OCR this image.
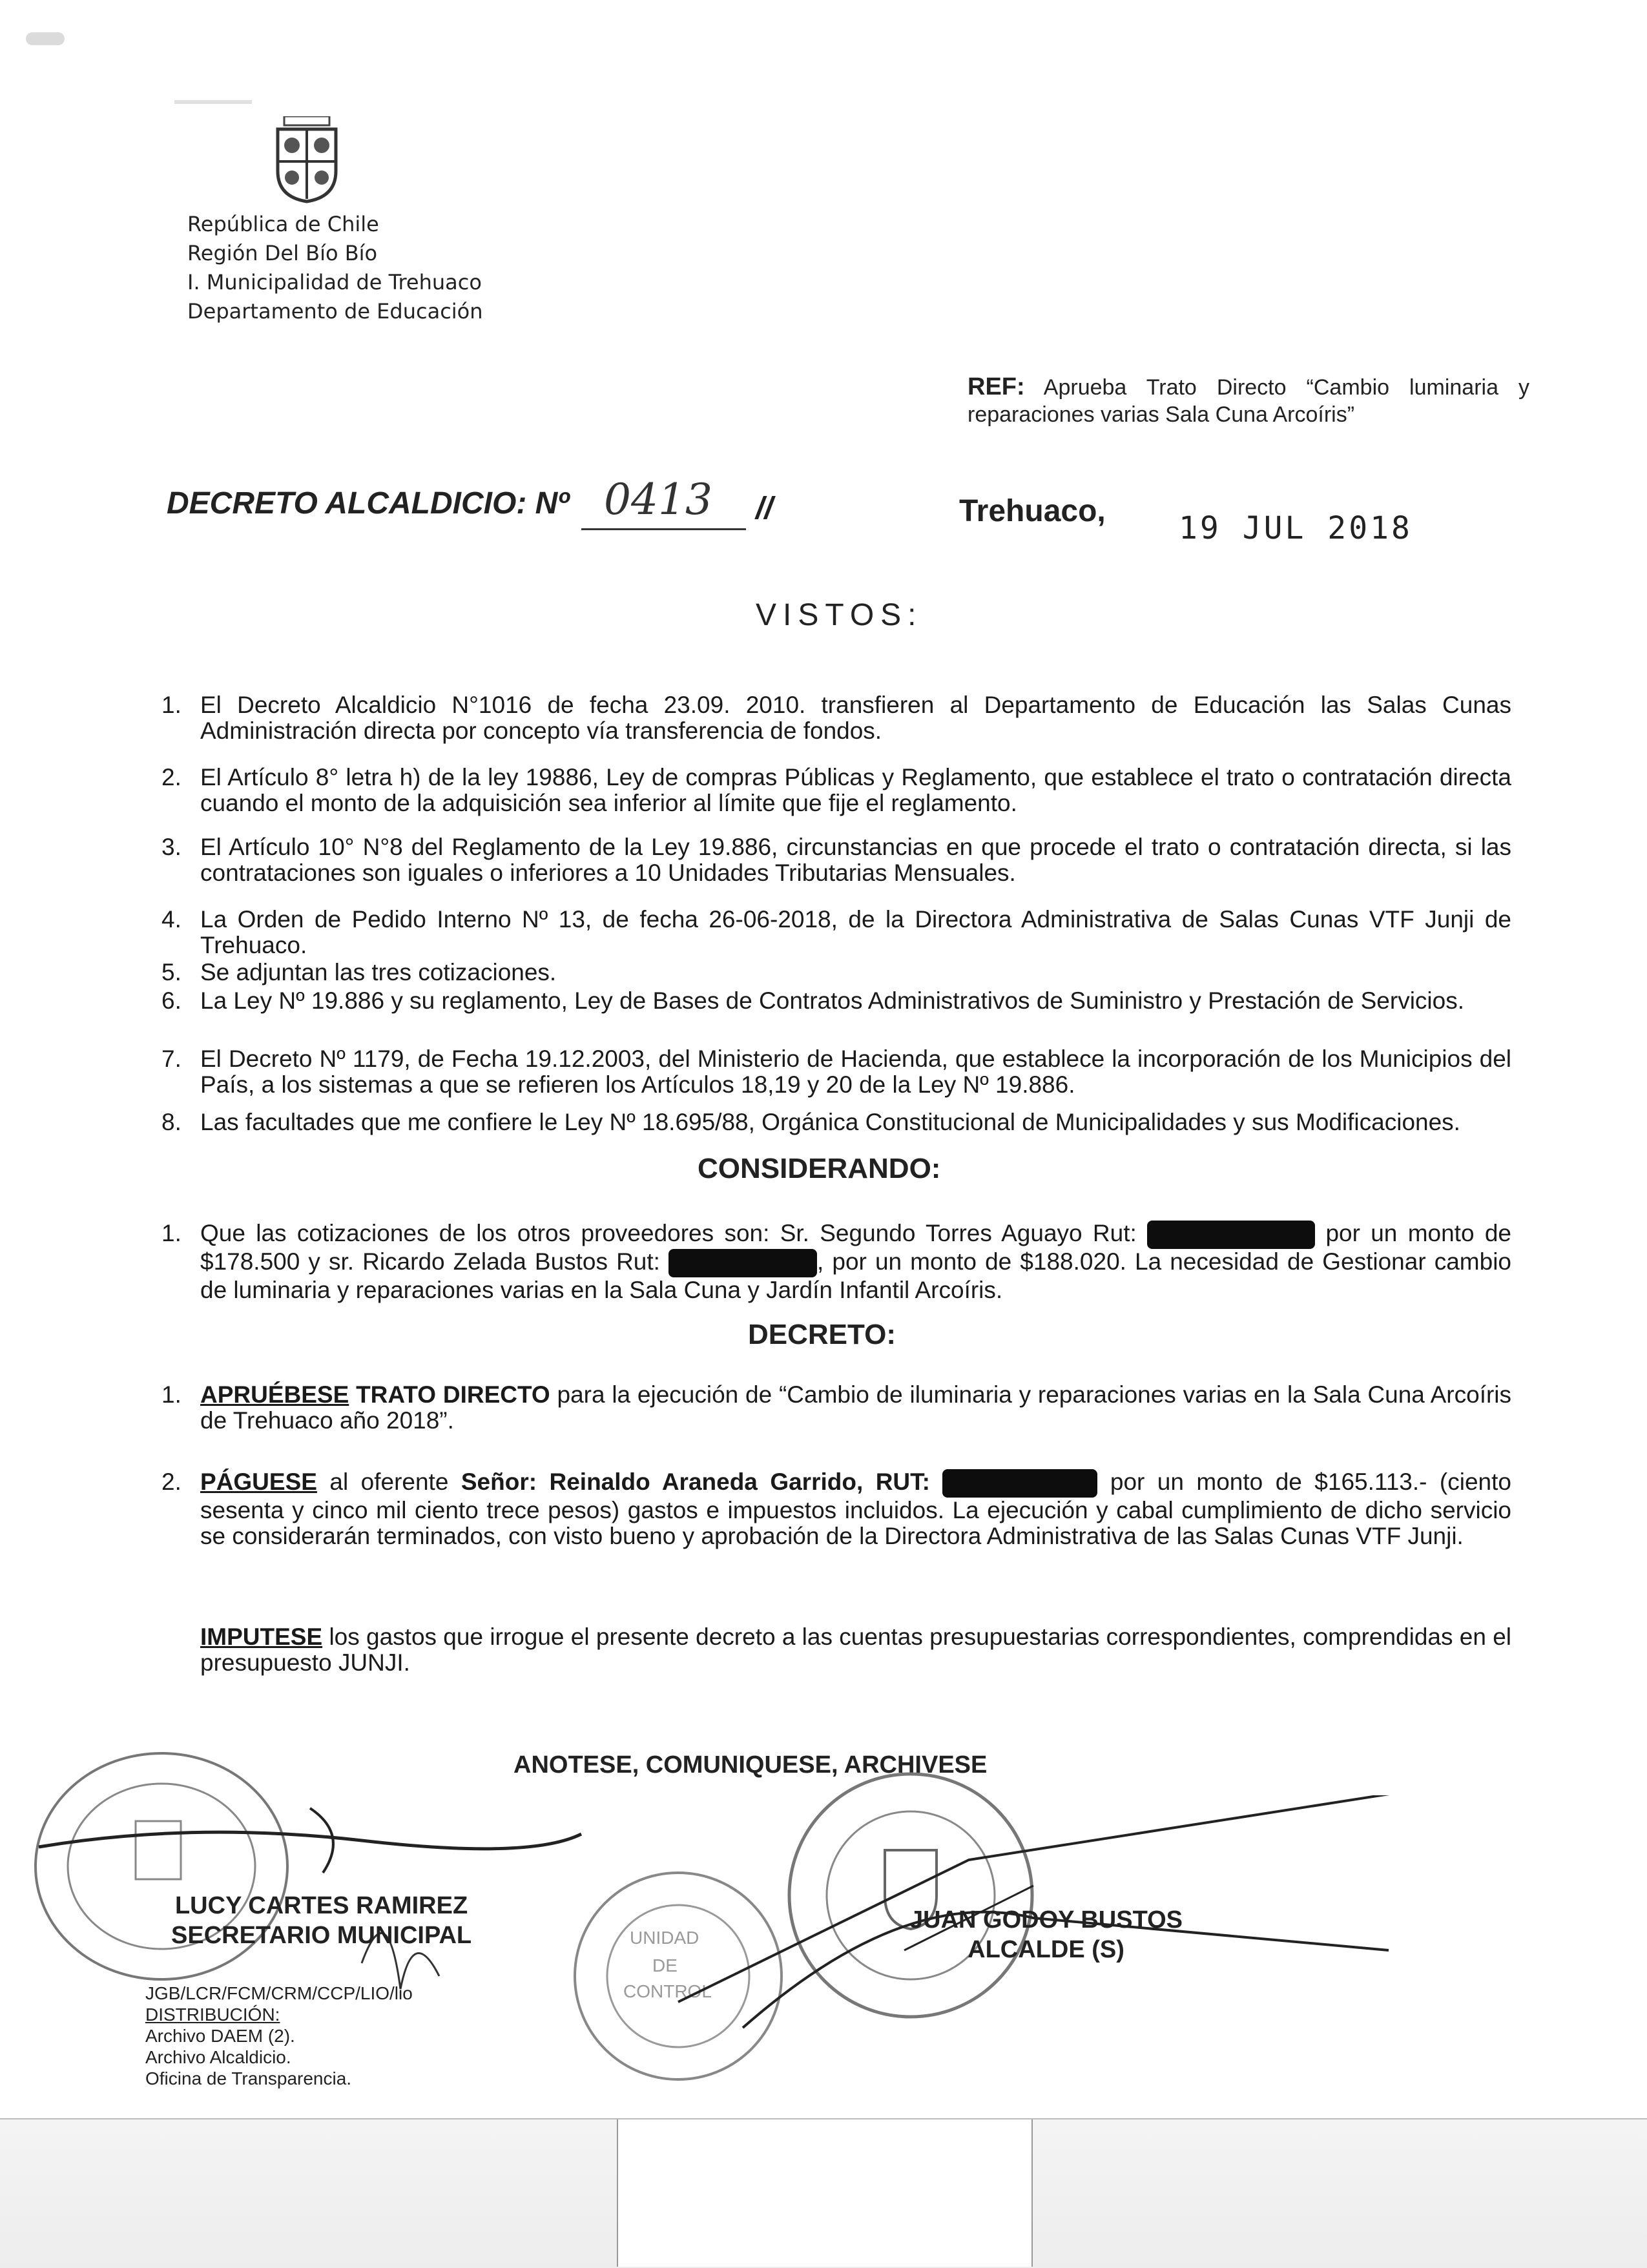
República de Chile
Región Del Bío Bío
I. Municipalidad de Trehuaco
Departamento de Educación
REF: Aprueba Trato Directo “Cambio luminaria y reparaciones varias Sala Cuna Arcoíris”
DECRETO ALCALDICIO: Nº 0413 //	Trehuaco, 19 JUL 2018
VISTOS:
1. El Decreto Alcaldicio N°1016 de fecha 23.09. 2010. transfieren al Departamento de Educación las Salas Cunas Administración directa por concepto vía transferencia de fondos.
2. El Artículo 8° letra h) de la ley 19886, Ley de compras Públicas y Reglamento, que establece el trato o contratación directa cuando el monto de la adquisición sea inferior al límite que fije el reglamento.
3. El Artículo 10° N°8 del Reglamento de la Ley 19.886, circunstancias en que procede el trato o contratación directa, si las contrataciones son iguales o inferiores a 10 Unidades Tributarias Mensuales.
4. La Orden de Pedido Interno Nº 13, de fecha 26-06-2018, de la Directora Administrativa de Salas Cunas VTF Junji de Trehuaco.
5. Se adjuntan las tres cotizaciones.
6. La Ley Nº 19.886 y su reglamento, Ley de Bases de Contratos Administrativos de Suministro y Prestación de Servicios.
7. El Decreto Nº 1179, de Fecha 19.12.2003, del Ministerio de Hacienda, que establece la incorporación de los Municipios del País, a los sistemas a que se refieren los Artículos 18,19 y 20 de la Ley Nº 19.886.
8. Las facultades que me confiere le Ley Nº 18.695/88, Orgánica Constitucional de Municipalidades y sus Modificaciones.
CONSIDERANDO:
1. Que las cotizaciones de los otros proveedores son: Sr. Segundo Torres Aguayo Rut:	por un monto de $178.500 y sr. Ricardo Zelada Bustos Rut:	, por un monto de $188.020. La necesidad de Gestionar cambio de luminaria y reparaciones varias en la Sala Cuna y Jardín Infantil Arcoíris.
DECRETO:
1. APRUÉBESE TRATO DIRECTO para la ejecución de “Cambio de iluminaria y reparaciones varias en la Sala Cuna Arcoíris de Trehuaco año 2018”.
2. PÁGUESE al oferente Señor: Reinaldo Araneda Garrido, RUT:	por un monto de $165.113.- (ciento sesenta y cinco mil ciento trece pesos) gastos e impuestos incluidos. La ejecución y cabal cumplimiento de dicho servicio se considerarán terminados, con visto bueno y aprobación de la Directora Administrativa de las Salas Cunas VTF Junji.
IMPUTESE los gastos que irrogue el presente decreto a las cuentas presupuestarias correspondientes, comprendidas en el presupuesto JUNJI.
ANOTESE, COMUNIQUESE, ARCHIVESE
UNIDAD
DE
CONTROL
LUCY CARTES RAMIREZ
SECRETARIO MUNICIPAL
JUAN GODOY BUSTOS
ALCALDE (S)
JGB/LCR/FCM/CRM/CCP/LIO/lio
DISTRIBUCIÓN:
Archivo DAEM (2).
Archivo Alcaldicio.
Oficina de Transparencia.
